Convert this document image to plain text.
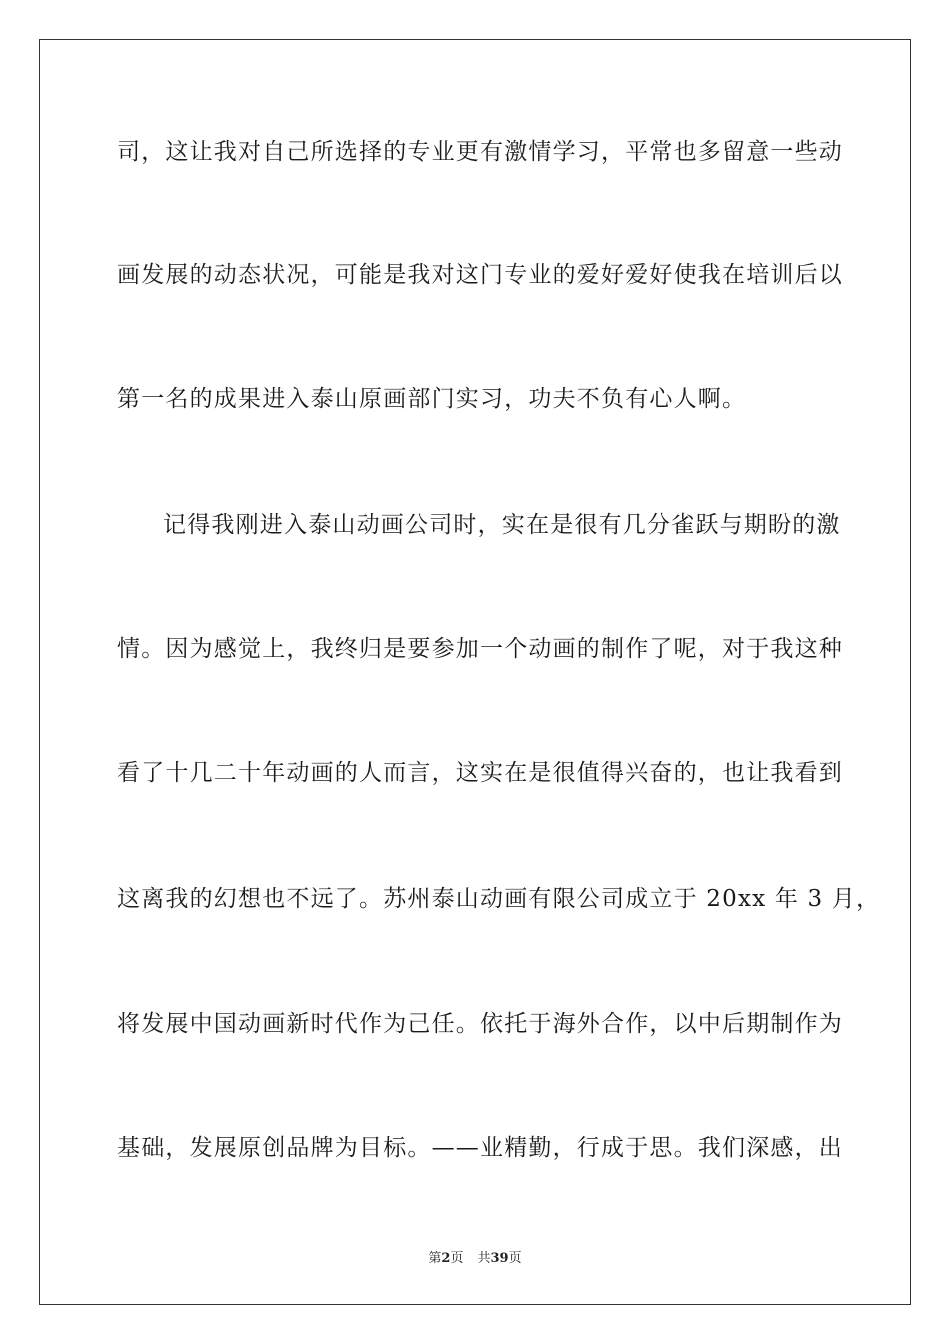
司，这让我对自己所选择的专业更有激情学习，平常也多留意一些动
画发展的动态状况，可能是我对这门专业的爱好爱好使我在培训后以
第一名的成果进入泰山原画部门实习，功夫不负有心人啊。
记得我刚进入泰山动画公司时，实在是很有几分雀跃与期盼的激
情。因为感觉上，我终归是要参加一个动画的制作了呢，对于我这种
看了十几二十年动画的人而言，这实在是很值得兴奋的，也让我看到
这离我的幻想也不远了。苏州泰山动画有限公司成立于 20xx 年 3 月，
将发展中国动画新时代作为己任。依托于海外合作，以中后期制作为
基础，发展原创品牌为目标。——业精勤，行成于思。我们深感，出
第2页 共39页
